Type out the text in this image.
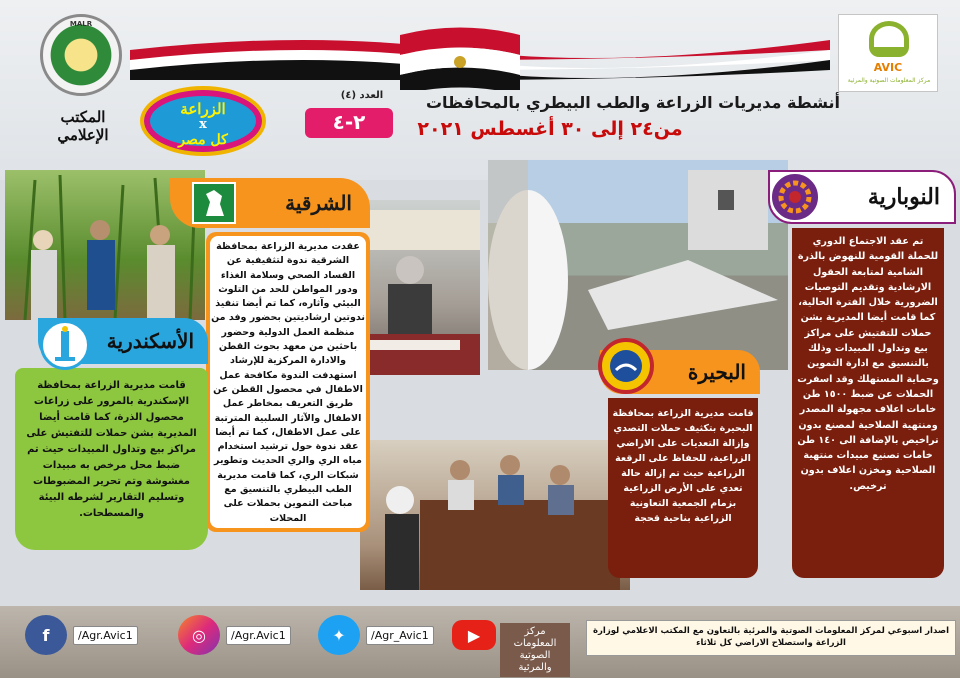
MALR
المكتب الإعلامي
AVIC
مركز المعلومات الصوتية والمرئية
الزراعة
x
كل مصر
العدد (٤)
٢-٤
أنشطة مديريات الزراعة والطب البيطري بالمحافظات
من٢٤ إلى ٣٠ أغسطس ٢٠٢١
الشرقية
عقدت مديرية الزراعة بمحافظة الشرقية ندوة لتثقيفية عن الفساد الصحي وسلامة الغذاء ودور المواطن للحد من التلوث البيئي وآثاره، كما تم أيضا تنفيذ ندوتين ارشاديتين بحضور وفد من منظمة العمل الدولية وحضور باحثين من معهد بحوث القطن والادارة المركزية للإرشاد استهدفت الندوة مكافحة عمل الاطفال في محصول القطن عن طريق التعريف بمخاطر عمل الاطفال والآثار السلبية المترتبة على عمل الاطفال، كما تم أيضا عقد ندوة حول ترشيد استخدام مياه الري والري الحديث وتطوير شبكات الري، كما قامت مديرية الطب البيطري بالتنسيق مع مباحث التموين بحملات على المحلات
الأسكندرية
قامت مديرية الزراعة بمحافظة الإسكندرية بالمرور على زراعات محصول الذرة، كما قامت أيضا المديرية بشن حملات للتفتيش على مراكز بيع وتداول المبيدات حيث تم ضبط محل مرخص به مبيدات مغشوشة وتم تحرير المضبوطات وتسليم التقارير لشرطه البيئة والمسطحات.
البحيرة
قامت مديرية الزراعة بمحافظة البحيرة بتكثيف حملات التصدي وإزالة التعديات على الاراضي الزراعية، للحفاظ على الرقعة الزراعية حيث تم إزالة حالة تعدي على الأرض الزراعية بزمام الجمعية التعاونية الزراعية بناحية قحجة
النوبارية
تم عقد الاجتماع الدوري للحملة القومية للنهوض بالذرة الشامية لمتابعة الحقول الارشادية وتقديم التوصيات الضرورية خلال الفترة الحالية، كما قامت أيضا المديرية بشن حملات للتفتيش على مراكز بيع وتداول المبيدات وذلك بالتنسيق مع ادارة التموين وحماية المستهلك وقد اسفرت الحملات عن ضبط ١٥٠٠ طن خامات اعلاف مجهولة المصدر ومنتهية الصلاحية لمصنع بدون تراخيص بالإضافة الى ١٤٠ طن خامات تصنيع مبيدات منتهية الصلاحية ومخزن اعلاف بدون ترخيص.
f	/Agr.Avic1	◎	/Agr.Avic1	✦	/Agr_Avic1	▶	مركز المعلومات الصوتية والمرئية
اصدار اسبوعي لمركز المعلومات الصوتية والمرئية بالتعاون مع المكتب الاعلامي لوزارة الزراعة واستصلاح الاراضي كل ثلاثاء
